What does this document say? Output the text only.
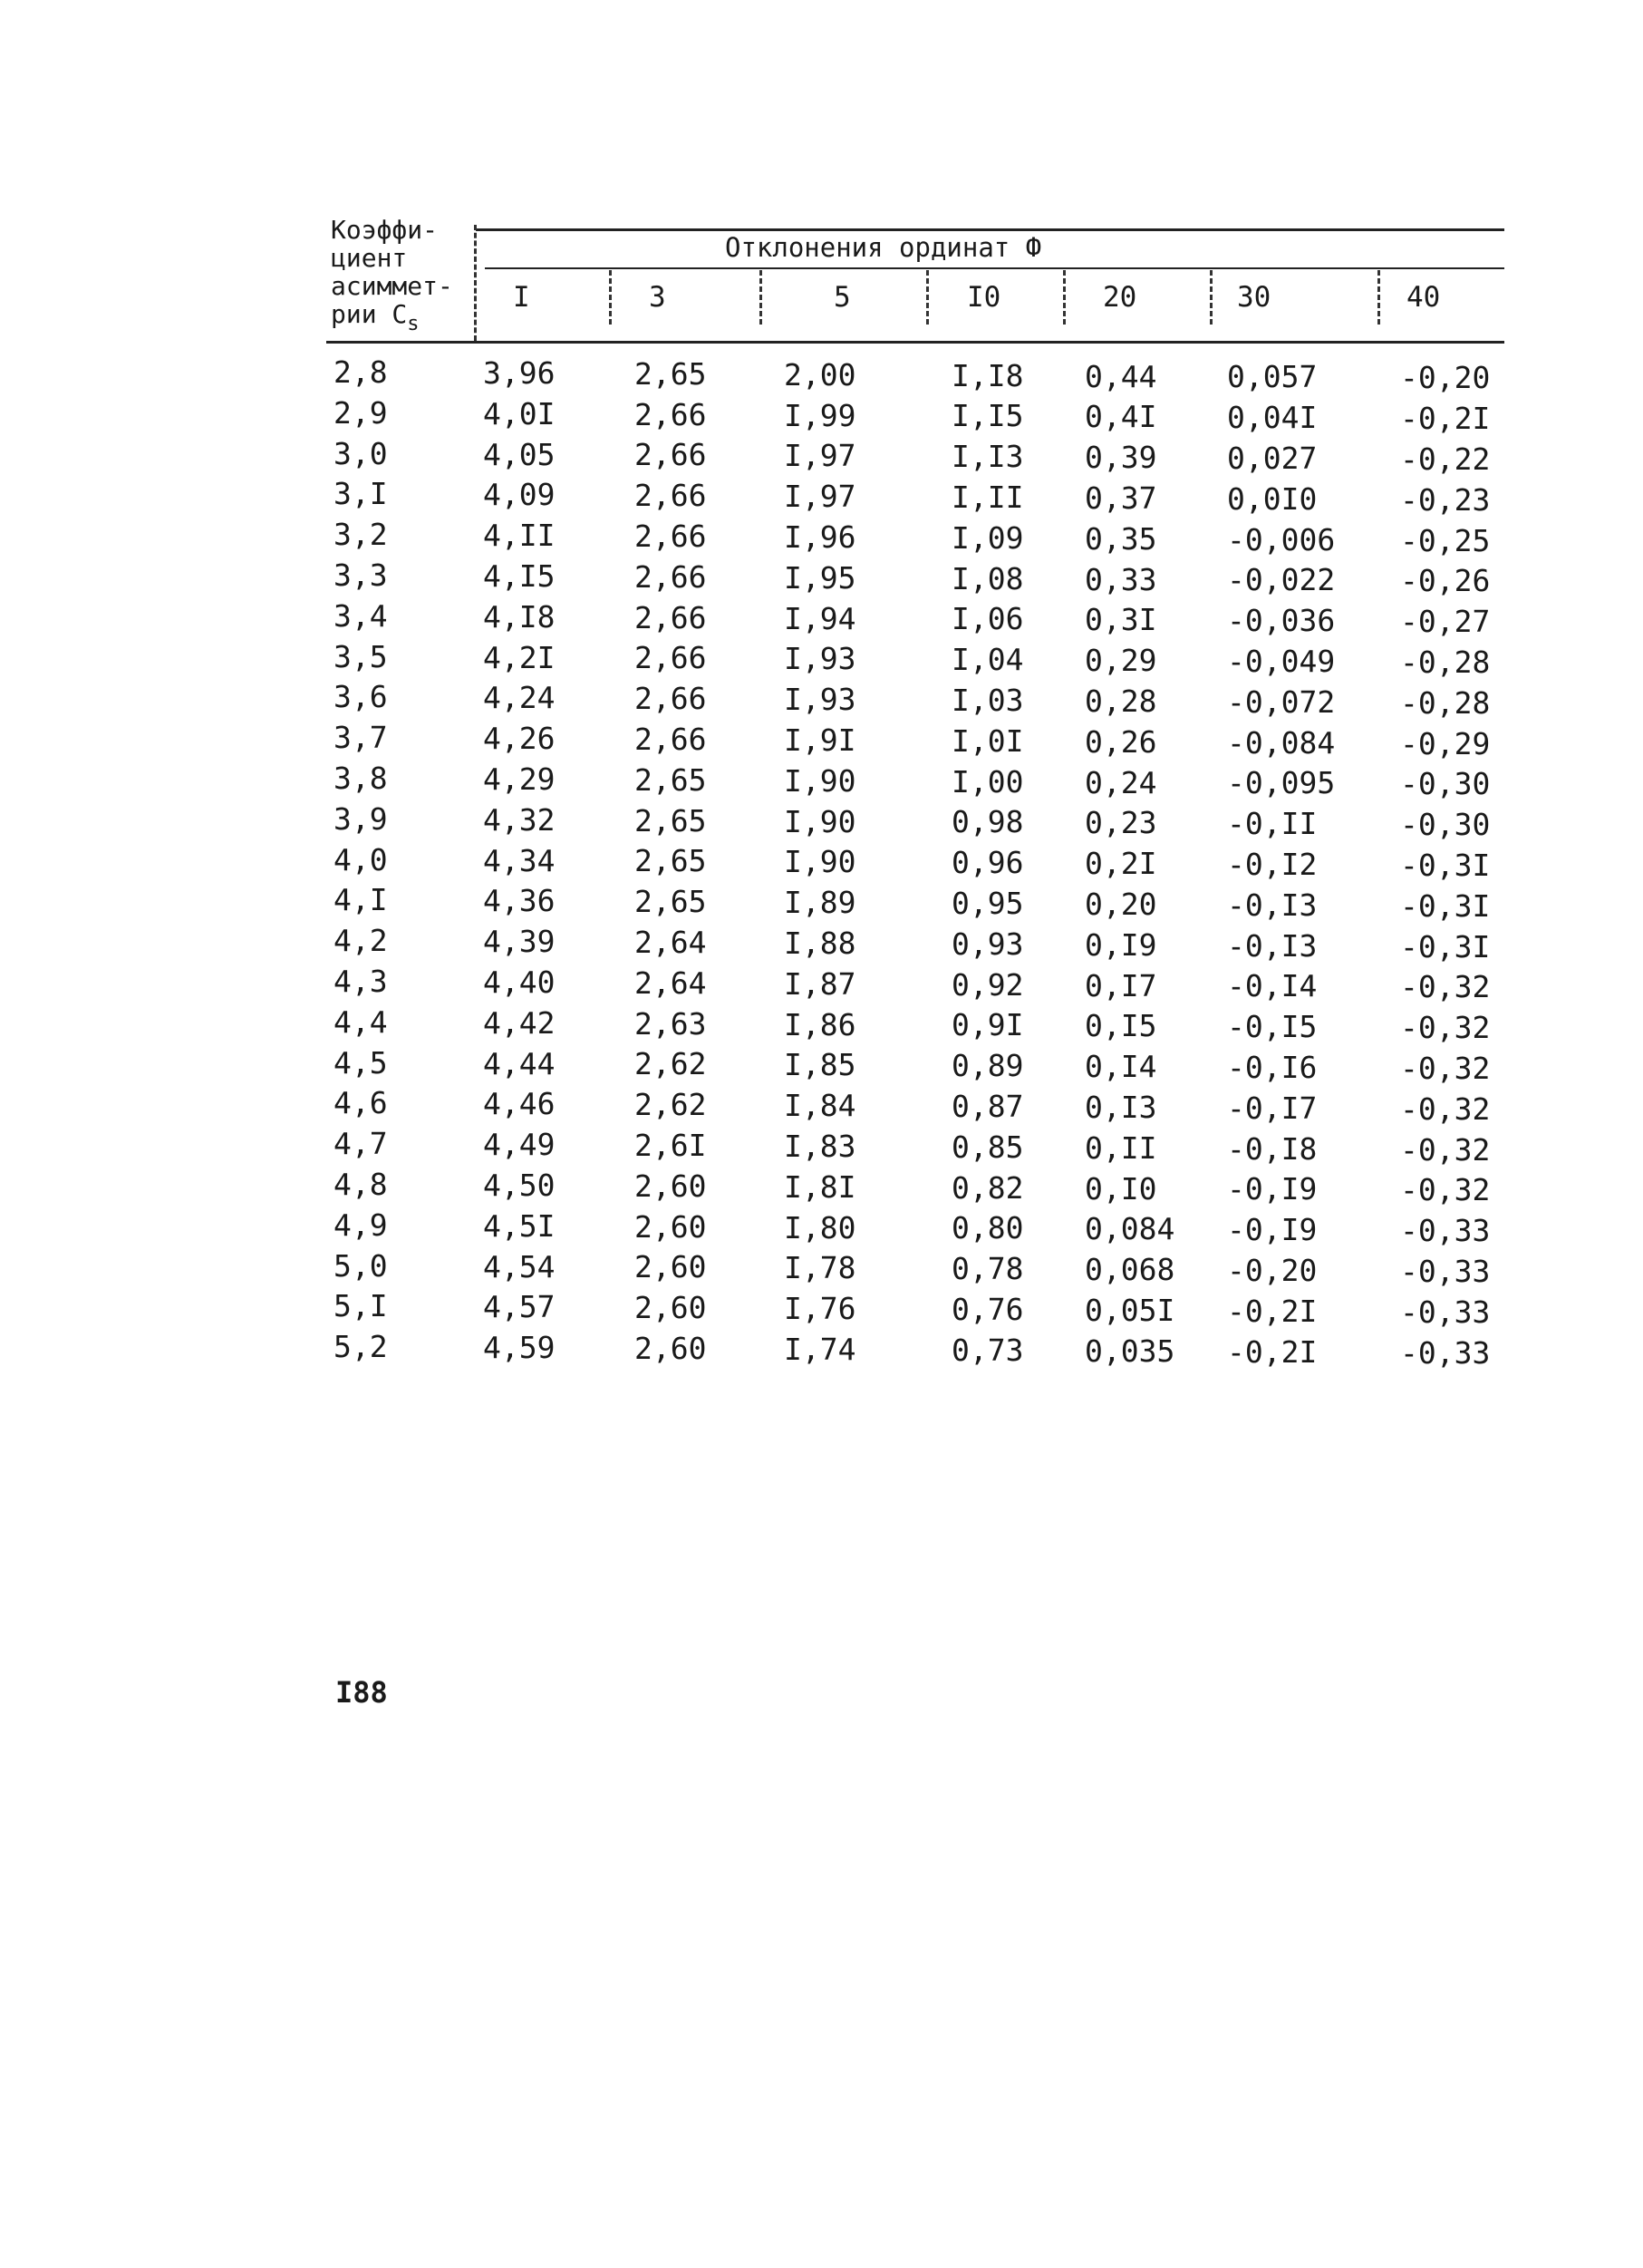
Коэффи-
циент
асиммет-
рии $C_s$
Отклонения ординат Ф
I	3	5	I0	20	30	40
2,8	3,96	2,65	2,00	I,I8 0,44 0,057	-0,20
2,9	4,0I	2,66	I,99	I,I5 0,4I 0,04I	-0,2I
3,0	4,05	2,66	I,97	I,I3 0,39 0,027	-0,22
3,I	4,09	2,66	I,97	I,II 0,37 0,0I0	-0,23
3,2	4,II	2,66	I,96	I,09 0,35 -0,006 -0,25
3,3	4,I5	2,66	I,95	I,08 0,33 -0,022 -0,26
3,4	4,I8	2,66	I,94	I,06 0,3I -0,036 -0,27
3,5	4,2I	2,66	I,93	I,04 0,29 -0,049 -0,28
3,6	4,24	2,66	I,93	I,03 0,28 -0,072 -0,28
3,7	4,26	2,66	I,9I	I,0I 0,26 -0,084 -0,29
3,8	4,29	2,65	I,90	I,00 0,24 -0,095 -0,30
3,9	4,32	2,65	I,90	0,98 0,23 -0,II	-0,30
4,0	4,34	2,65	I,90	0,96 0,2I -0,I2	-0,3I
4,I	4,36	2,65	I,89	0,95 0,20 -0,I3	-0,3I
4,2	4,39	2,64	I,88	0,93 0,I9 -0,I3	-0,3I
4,3	4,40	2,64	I,87	0,92 0,I7 -0,I4	-0,32
4,4	4,42	2,63	I,86	0,9I 0,I5 -0,I5	-0,32
4,5	4,44	2,62	I,85	0,89 0,I4 -0,I6	-0,32
4,6	4,46	2,62	I,84	0,87 0,I3 -0,I7	-0,32
4,7	4,49	2,6I	I,83	0,85 0,II -0,I8	-0,32
4,8	4,50	2,60	I,8I	0,82 0,I0 -0,I9	-0,32
4,9	4,5I	2,60	I,80	0,80 0,084 -0,I9	-0,33
5,0	4,54	2,60	I,78	0,78 0,068 -0,20	-0,33
5,I	4,57	2,60	I,76	0,76 0,05I -0,2I	-0,33
5,2	4,59	2,60	I,74	0,73 0,035 -0,2I	-0,33
I88
